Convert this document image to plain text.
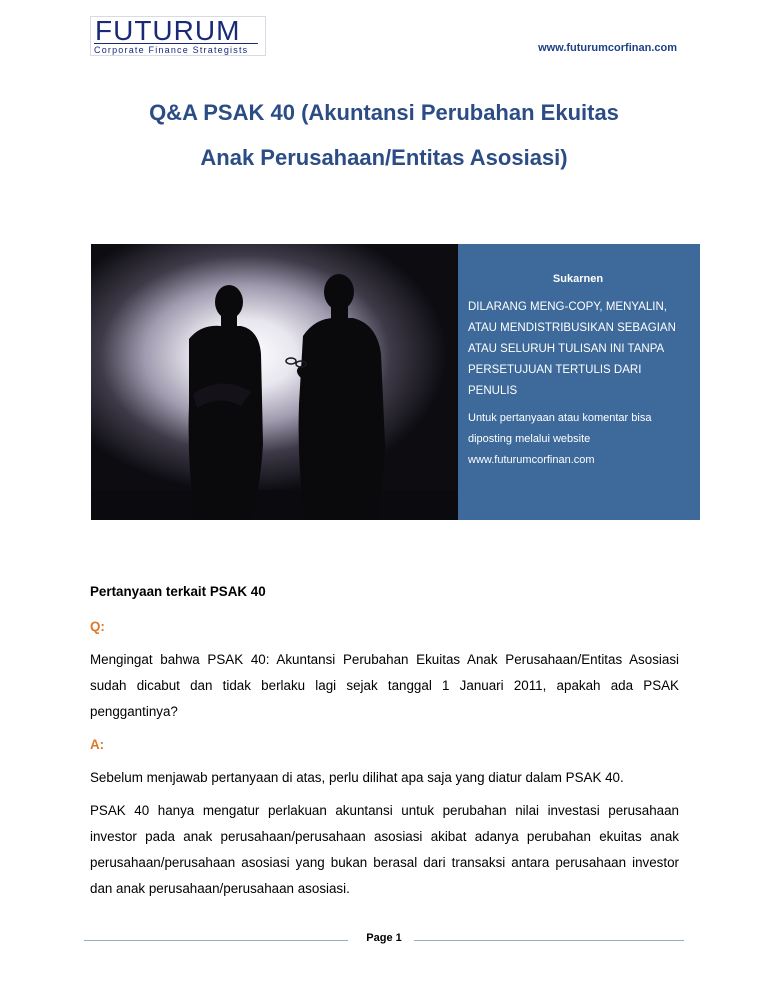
FUTURUM
Corporate Finance Strategists	www.futurumcorfinan.com
Q&A PSAK 40 (Akuntansi Perubahan Ekuitas
Anak Perusahaan/Entitas Asosiasi)
Sukarnen
DILARANG MENG-COPY, MENYALIN, ATAU MENDISTRIBUSIKAN SEBAGIAN ATAU SELURUH TULISAN INI TANPA PERSETUJUAN TERTULIS DARI PENULIS
Untuk pertanyaan atau komentar bisa diposting melalui website www.futurumcorfinan.com

Pertanyaan terkait PSAK 40

Q:

Mengingat bahwa PSAK 40: Akuntansi Perubahan Ekuitas Anak Perusahaan/Entitas Asosiasi sudah dicabut dan tidak berlaku lagi sejak tanggal 1 Januari 2011, apakah ada PSAK penggantinya?

A:

Sebelum menjawab pertanyaan di atas, perlu dilihat apa saja yang diatur dalam PSAK 40.

PSAK 40 hanya mengatur perlakuan akuntansi untuk perubahan nilai investasi perusahaan investor pada anak perusahaan/perusahaan asosiasi akibat adanya perubahan ekuitas anak perusahaan/perusahaan asosiasi yang bukan berasal dari transaksi antara perusahaan investor dan anak perusahaan/perusahaan asosiasi.

Page 1
